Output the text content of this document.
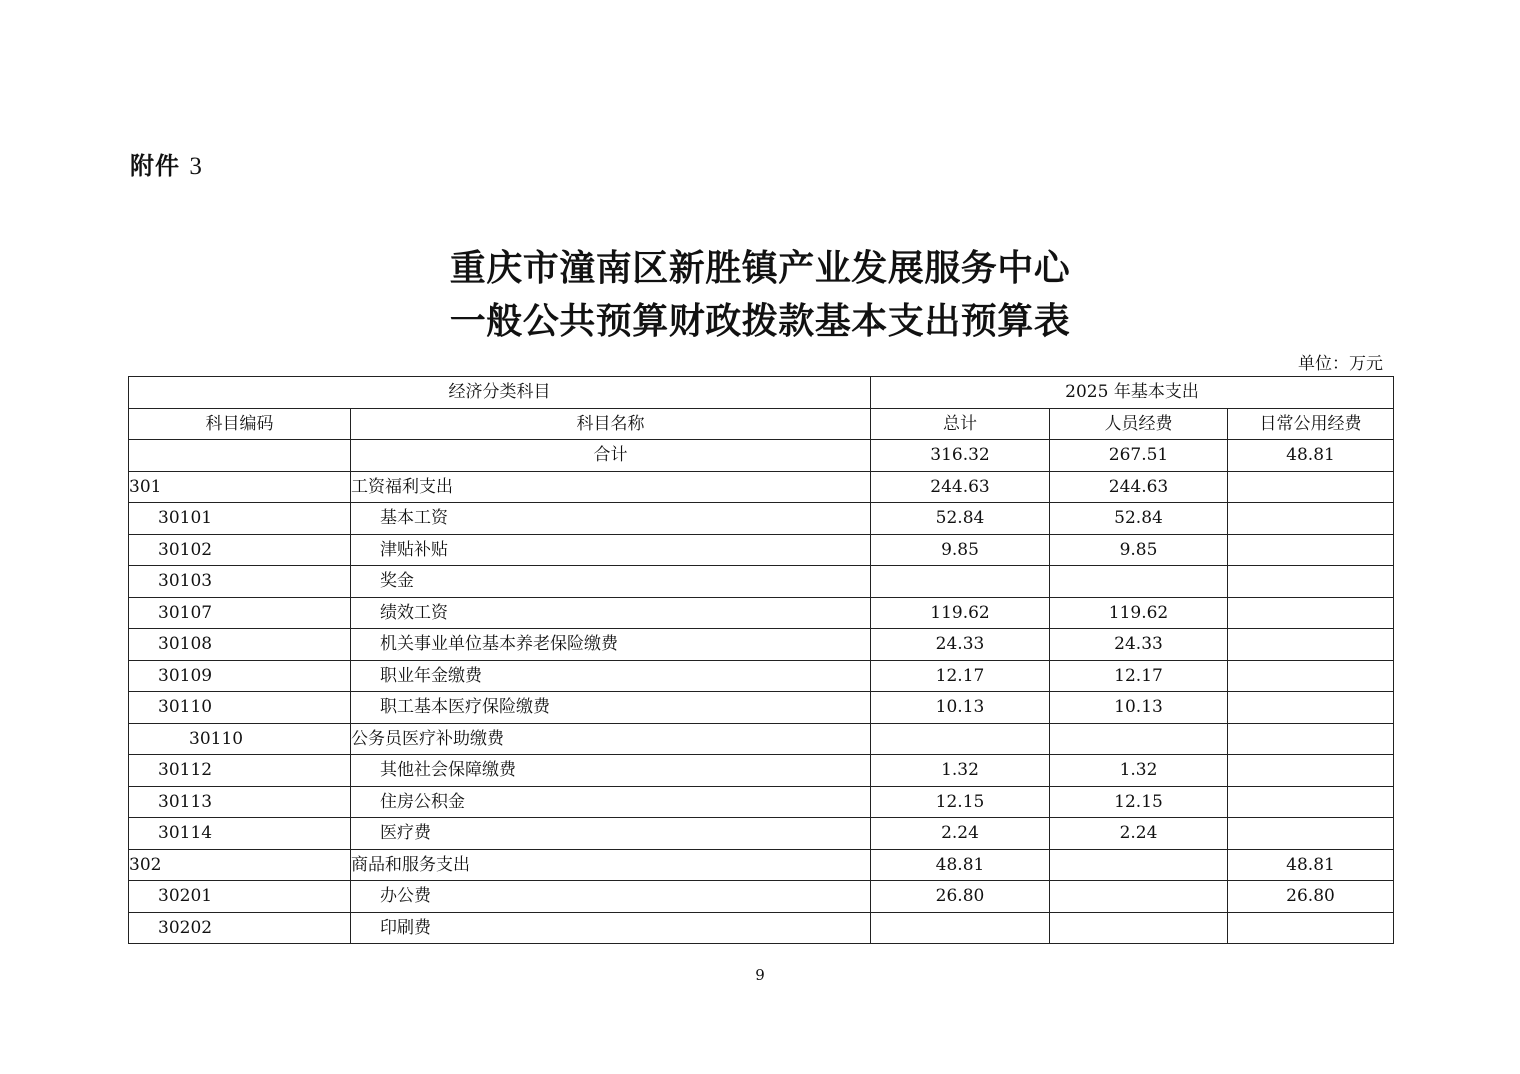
附件 3
重庆市潼南区新胜镇产业发展服务中心
一般公共预算财政拨款基本支出预算表
单位：万元
经济分类科目		2025 年基本支出		
科目编码	科目名称	总计	人员经费	日常公用经费
	合计	316.32	267.51	48.81
301	工资福利支出	244.63	244.63	
30101	基本工资	52.84	52.84	
30102	津贴补贴	9.85	9.85	
30103	奖金			
30107	绩效工资	119.62	119.62	
30108	机关事业单位基本养老保险缴费	24.33	24.33	
30109	职业年金缴费	12.17	12.17	
30110	职工基本医疗保险缴费	10.13	10.13	
30110	公务员医疗补助缴费			
30112	其他社会保障缴费	1.32	1.32	
30113	住房公积金	12.15	12.15	
30114	医疗费	2.24	2.24	
302	商品和服务支出	48.81		48.81
30201	办公费	26.80		26.80
30202	印刷费			
9
